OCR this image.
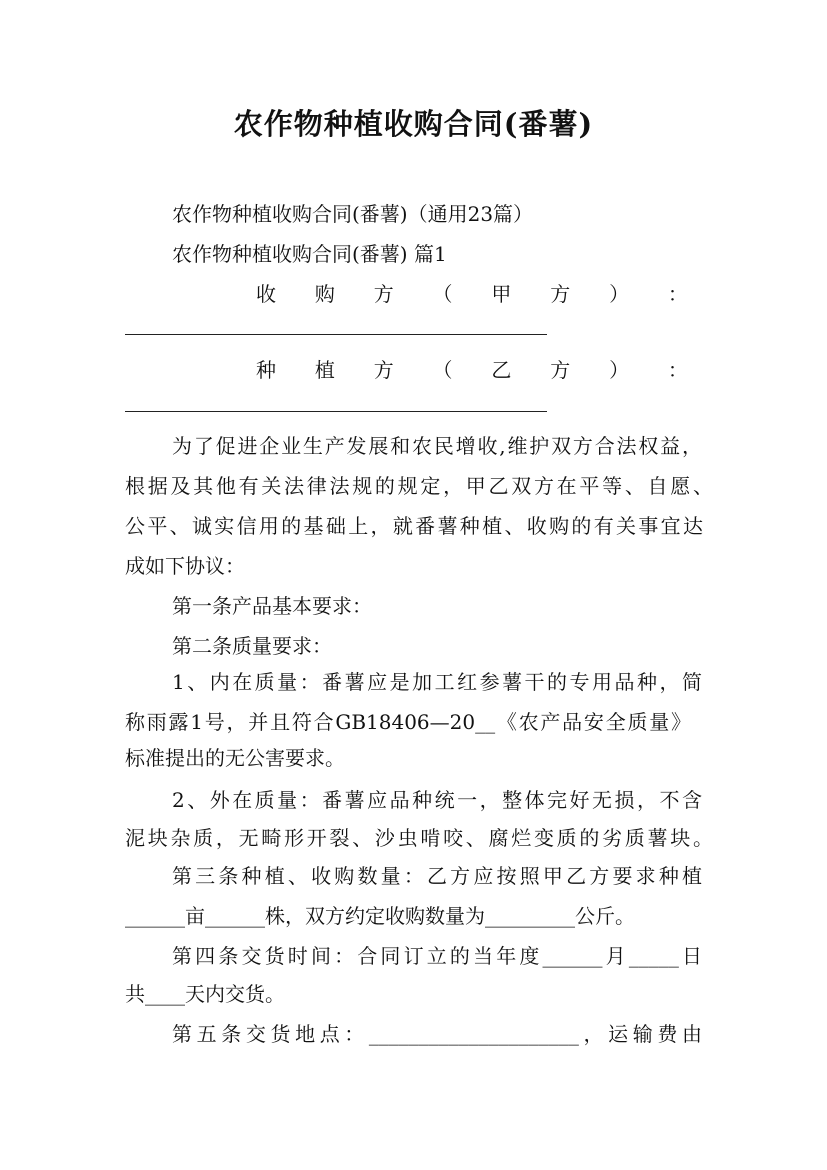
农作物种植收购合同(番薯)
农作物种植收购合同(番薯)（通用23篇）
农作物种植收购合同(番薯) 篇1
收 购 方 （ 甲 方 ） ：
种 植 方 （ 乙 方 ） ：
为了促进企业生产发展和农民增收,维护双方合法权益，
根据及其他有关法律法规的规定，甲乙双方在平等、自愿、
公平、诚实信用的基础上，就番薯种植、收购的有关事宜达
成如下协议：
第一条产品基本要求：
第二条质量要求：
1、内在质量：番薯应是加工红参薯干的专用品种，简
称雨露1号，并且符合GB18406—20__《农产品安全质量》
标准提出的无公害要求。
2、外在质量：番薯应品种统一，整体完好无损，不含
泥块杂质，无畸形开裂、沙虫啃咬、腐烂变质的劣质薯块。
第三条种植、收购数量：乙方应按照甲乙方要求种植
______亩______株，双方约定收购数量为_________公斤。
第四条交货时间：合同订立的当年度______月_____日
共____天内交货。
第五条交货地点：_____________________，运输费由
